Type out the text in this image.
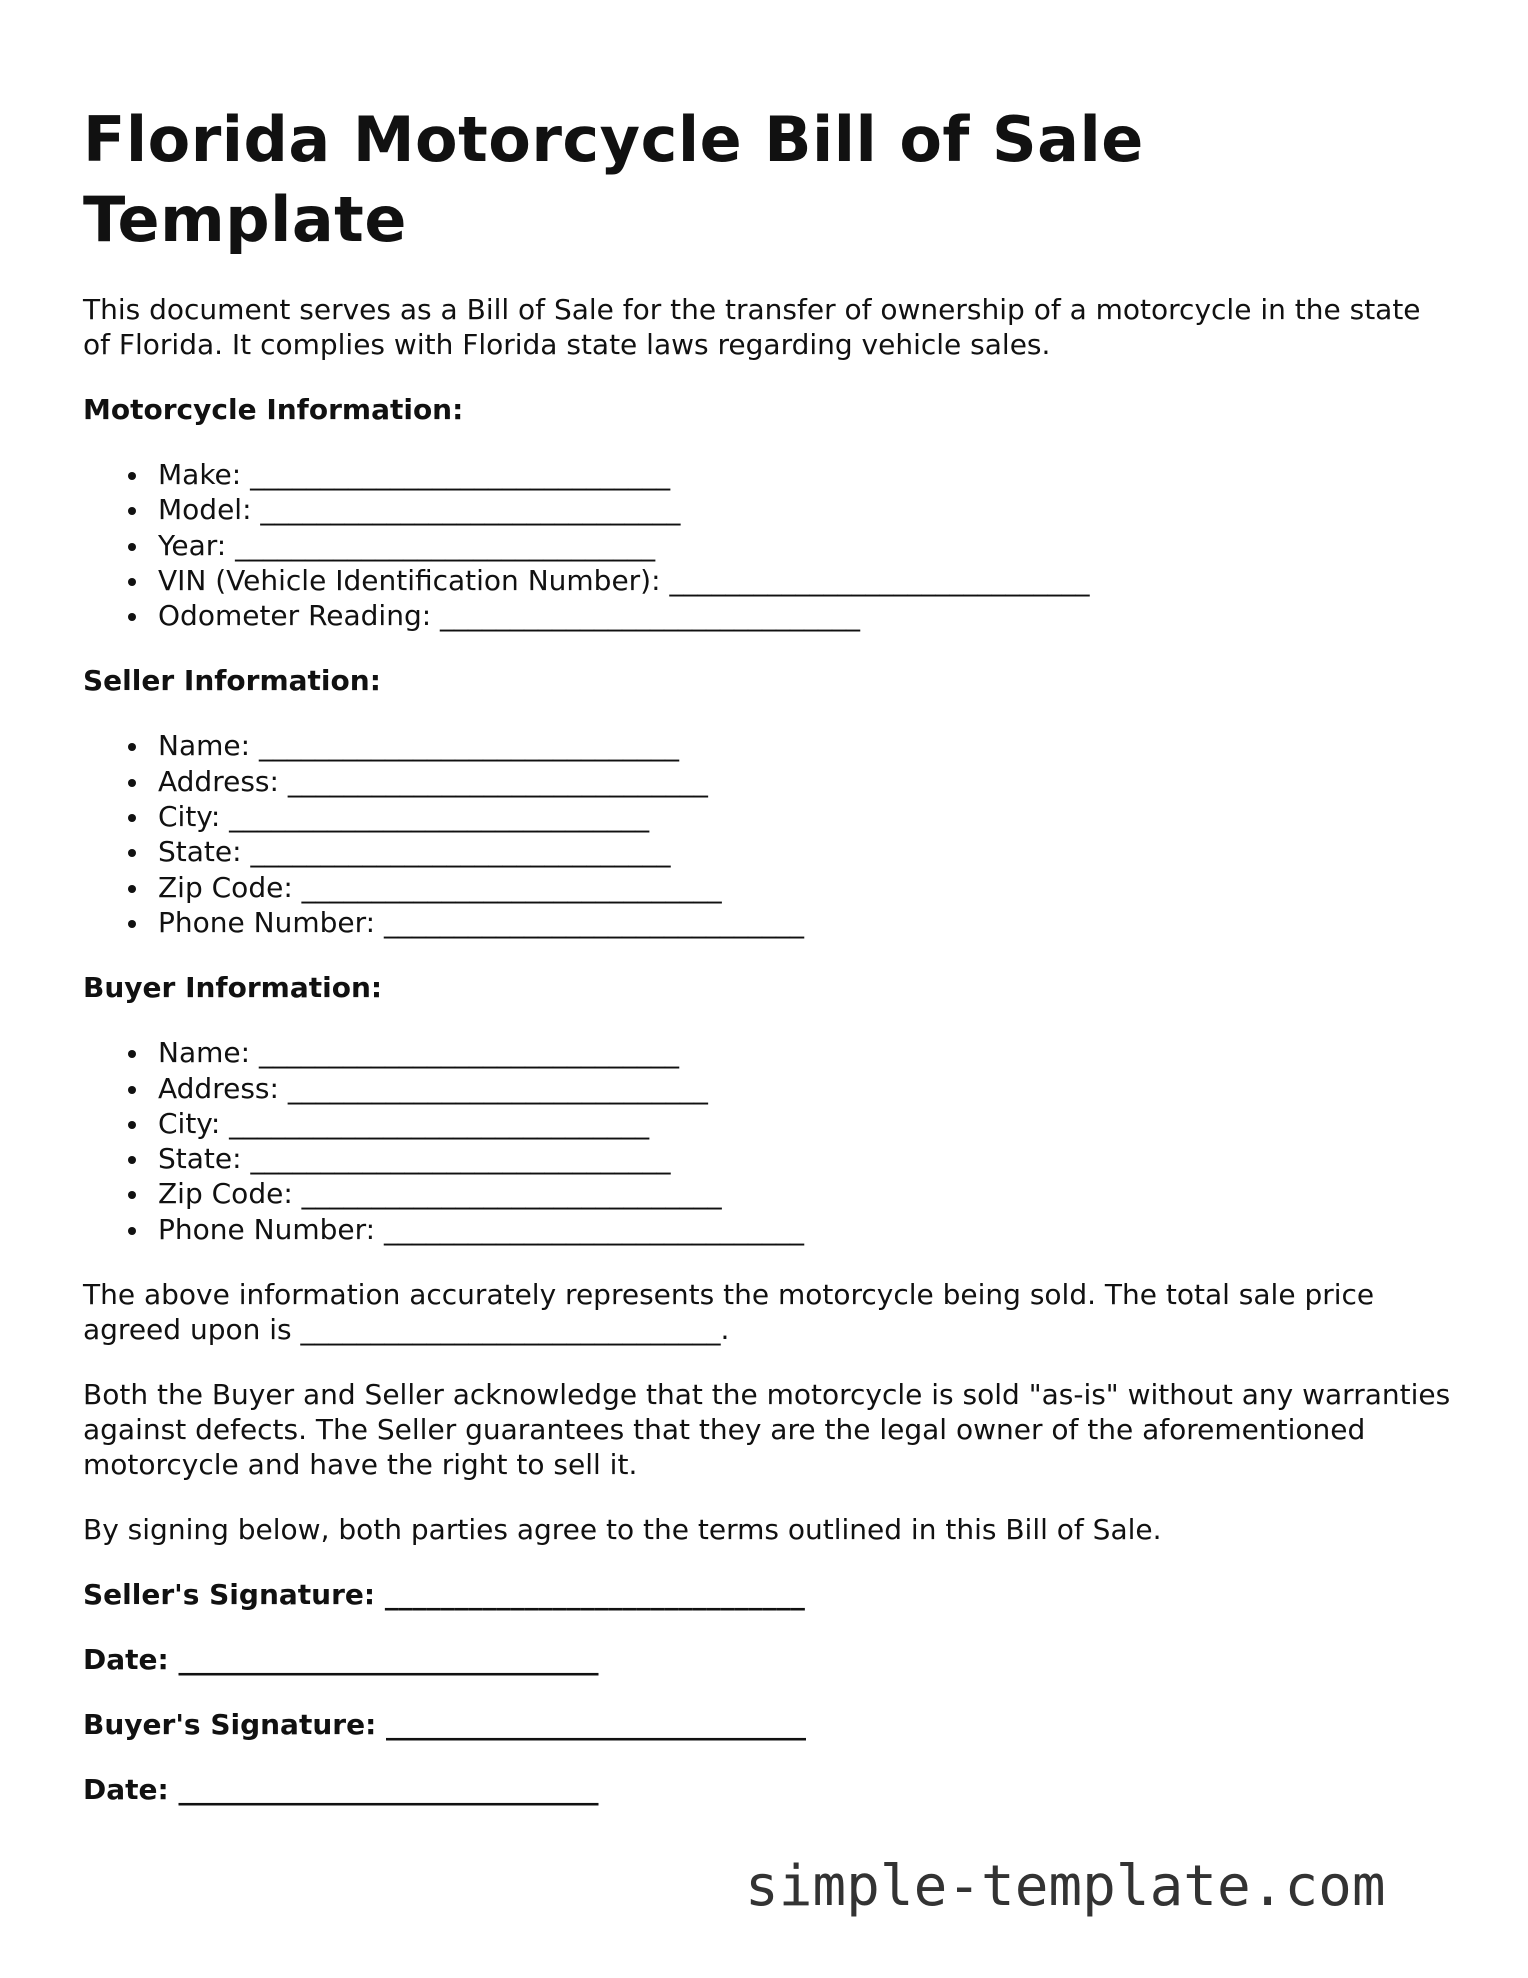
Florida Motorcycle Bill of Sale Template

This document serves as a Bill of Sale for the transfer of ownership of a motorcycle in the state of Florida. It complies with Florida state laws regarding vehicle sales.

Motorcycle Information:
Make: ______________________________
Model: ______________________________
Year: ______________________________
VIN (Vehicle Identification Number): ______________________________
Odometer Reading: ______________________________
Seller Information:
Name: ______________________________
Address: ______________________________
City: ______________________________
State: ______________________________
Zip Code: ______________________________
Phone Number: ______________________________
Buyer Information:
Name: ______________________________
Address: ______________________________
City: ______________________________
State: ______________________________
Zip Code: ______________________________
Phone Number: ______________________________

The above information accurately represents the motorcycle being sold. The total sale price agreed upon is ______________________________.

Both the Buyer and Seller acknowledge that the motorcycle is sold "as-is" without any warranties against defects. The Seller guarantees that they are the legal owner of the aforementioned motorcycle and have the right to sell it.

By signing below, both parties agree to the terms outlined in this Bill of Sale.

Seller's Signature: ______________________________
Date: ______________________________
Buyer's Signature: ______________________________
Date: ______________________________
simple-template.com
